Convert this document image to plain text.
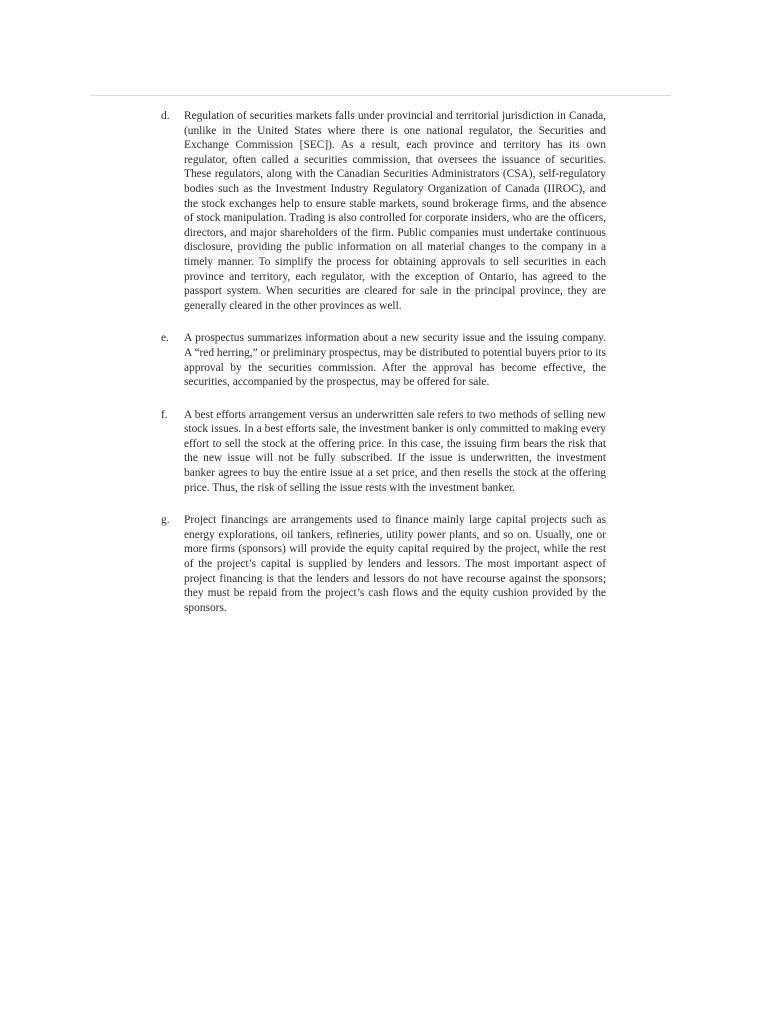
d.	Regulation of securities markets falls under provincial and territorial jurisdiction in Canada, (unlike in the United States where there is one national regulator, the Securities and Exchange Commission [SEC]). As a result, each province and territory has its own regulator, often called a securities commission, that oversees the issuance of securities. These regulators, along with the Canadian Securities Administrators (CSA), self-regulatory bodies such as the Investment Industry Regulatory Organization of Canada (IIROC), and the stock exchanges help to ensure stable markets, sound brokerage firms, and the absence of stock manipulation. Trading is also controlled for corporate insiders, who are the officers, directors, and major shareholders of the firm. Public companies must undertake continuous disclosure, providing the public information on all material changes to the company in a timely manner. To simplify the process for obtaining approvals to sell securities in each province and territory, each regulator, with the exception of Ontario, has agreed to the passport system. When securities are cleared for sale in the principal province, they are generally cleared in the other provinces as well.
e.	A prospectus summarizes information about a new security issue and the issuing company. A “red herring,” or preliminary prospectus, may be distributed to potential buyers prior to its approval by the securities commission. After the approval has become effective, the securities, accompanied by the prospectus, may be offered for sale.
f.	A best efforts arrangement versus an underwritten sale refers to two methods of selling new stock issues. In a best efforts sale, the investment banker is only committed to making every effort to sell the stock at the offering price. In this case, the issuing firm bears the risk that the new issue will not be fully subscribed. If the issue is underwritten, the investment banker agrees to buy the entire issue at a set price, and then resells the stock at the offering price. Thus, the risk of selling the issue rests with the investment banker.
g.	Project financings are arrangements used to finance mainly large capital projects such as energy explorations, oil tankers, refineries, utility power plants, and so on. Usually, one or more firms (sponsors) will provide the equity capital required by the project, while the rest of the project’s capital is supplied by lenders and lessors. The most important aspect of project financing is that the lenders and lessors do not have recourse against the sponsors; they must be repaid from the project’s cash flows and the equity cushion provided by the sponsors.
